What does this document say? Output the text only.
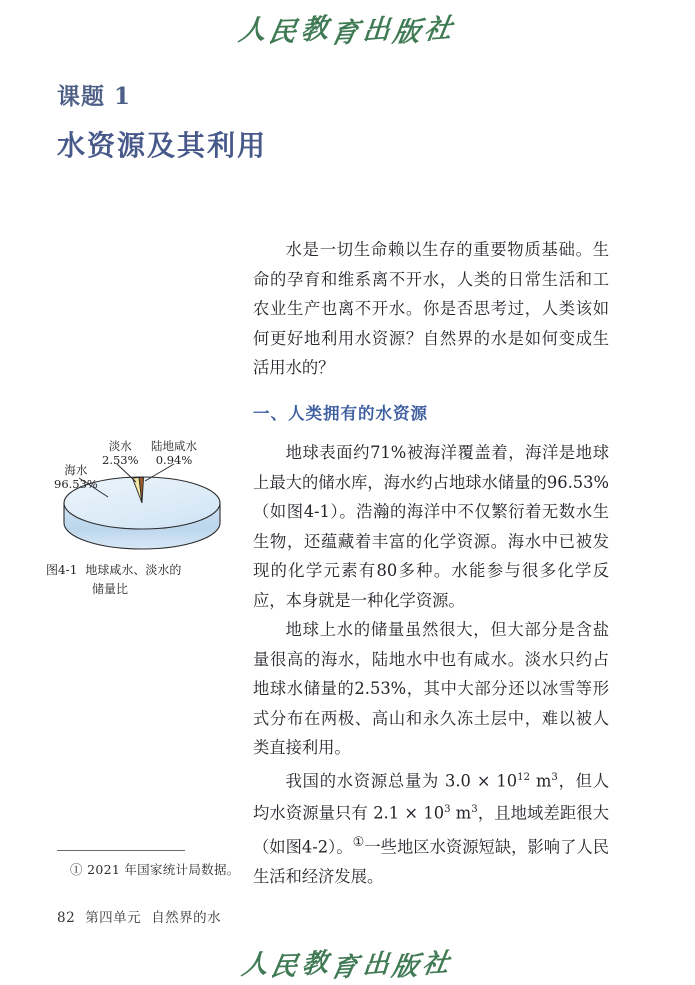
人民教育出版社
课题 1
水资源及其利用

水是一切生命赖以生存的重要物质基础。生命的孕育和维系离不开水，人类的日常生活和工农业生产也离不开水。你是否思考过，人类该如何更好地利用水资源？自然界的水是如何变成生活用水的？

一、人类拥有的水资源

地球表面约71%被海洋覆盖着，海洋是地球上最大的储水库，海水约占地球水储量的96.53%（如图4-1）。浩瀚的海洋中不仅繁衍着无数水生生物，还蕴藏着丰富的化学资源。海水中已被发现的化学元素有80多种。水能参与很多化学反应，本身就是一种化学资源。

地球上水的储量虽然很大，但大部分是含盐量很高的海水，陆地水中也有咸水。淡水只约占地球水储量的2.53%，其中大部分还以冰雪等形式分布在两极、高山和永久冻土层中，难以被人类直接利用。

我国的水资源总量为 $3.0 \times 10^{12}$ $m^3$，但人均水资源量只有 $2.1 \times 10^3$ $m^3$，且地域差距很大（如图4-2）。①一些地区水资源短缺，影响了人民生活和经济发展。

海水
96.53%
淡水
2.53%
陆地咸水
0.94%
图4-1 地球咸水、淡水的
储量比
① 2021 年国家统计局数据。
82 第四单元 自然界的水
人民教育出版社
